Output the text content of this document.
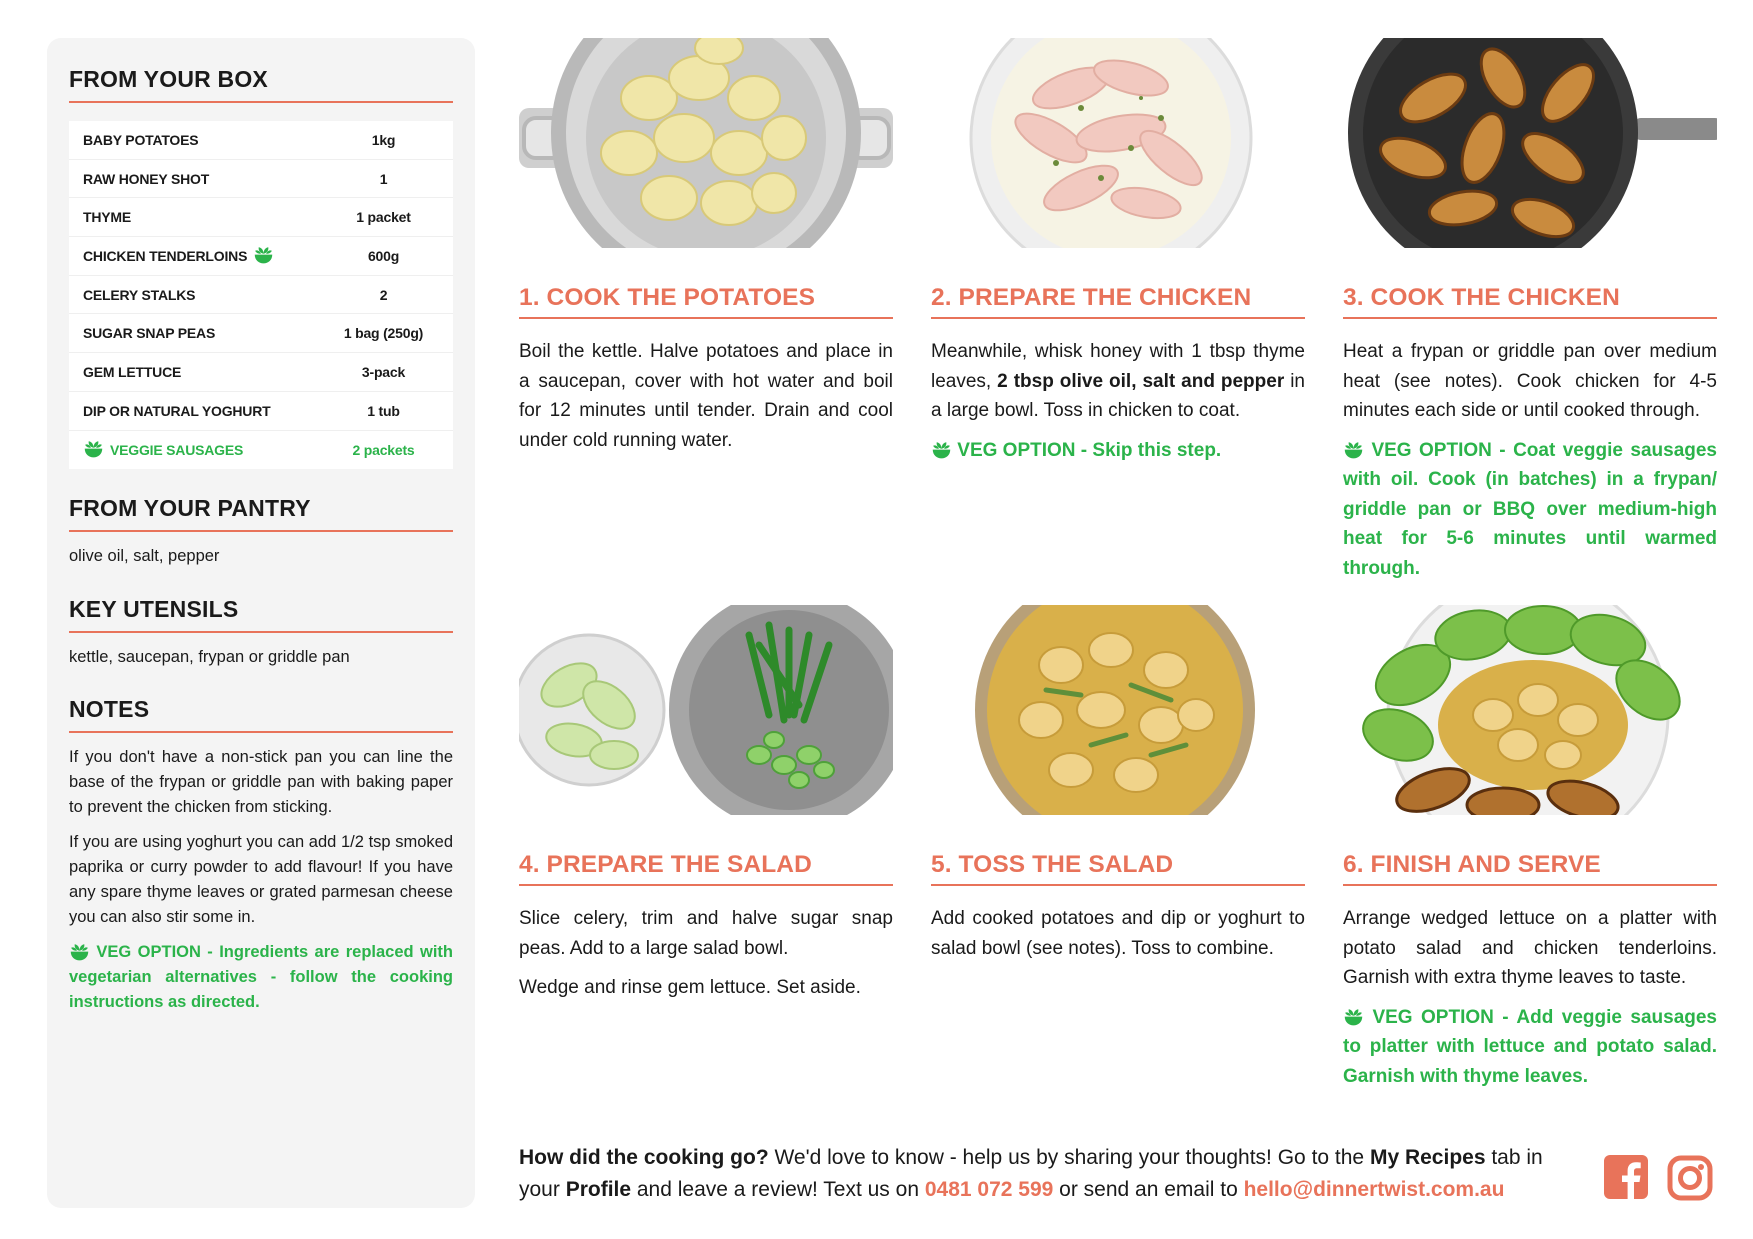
FROM YOUR BOX
BABY POTATOES	1kg
RAW HONEY SHOT	1
THYME	1 packet
CHICKEN TENDERLOINS	600g
CELERY STALKS	2
SUGAR SNAP PEAS	1 bag (250g)
GEM LETTUCE	3-pack
DIP OR NATURAL YOGHURT	1 tub
VEGGIE SAUSAGES	2 packets
FROM YOUR PANTRY
olive oil, salt, pepper
KEY UTENSILS
kettle, saucepan, frypan or griddle pan
NOTES

If you don't have a non-stick pan you can line the base of the frypan or griddle pan with baking paper to prevent the chicken from sticking.

If you are using yoghurt you can add 1/2 tsp smoked paprika or curry powder to add flavour! If you have any spare thyme leaves or grated parmesan cheese you can also stir some in.

VEG OPTION - Ingredients are replaced with vegetarian alternatives - follow the cooking instructions as directed.

1. COOK THE POTATOES

Boil the kettle. Halve potatoes and place in a saucepan, cover with hot water and boil for 12 minutes until tender. Drain and cool under cold running water.

2. PREPARE THE CHICKEN

Meanwhile, whisk honey with 1 tbsp thyme leaves, 2 tbsp olive oil, salt and pepper in a large bowl. Toss in chicken to coat.

VEG OPTION - Skip this step.
3. COOK THE CHICKEN

Heat a frypan or griddle pan over medium heat (see notes). Cook chicken for 4-5 minutes each side or until cooked through.

VEG OPTION - Coat veggie sausages with oil. Cook (in batches) in a frypan/ griddle pan or BBQ over medium-high heat for 5-6 minutes until warmed through.
4. PREPARE THE SALAD

Slice celery, trim and halve sugar snap peas. Add to a large salad bowl.

Wedge and rinse gem lettuce. Set aside.

5. TOSS THE SALAD

Add cooked potatoes and dip or yoghurt to salad bowl (see notes). Toss to combine.

6. FINISH AND SERVE

Arrange wedged lettuce on a platter with potato salad and chicken tenderloins. Garnish with extra thyme leaves to taste.

VEG OPTION - Add veggie sausages to platter with lettuce and potato salad. Garnish with thyme leaves.
How did the cooking go? We'd love to know - help us by sharing your thoughts! Go to the My Recipes tab in your Profile and leave a review! Text us on 0481 072 599 or send an email to hello@dinnertwist.com.au
